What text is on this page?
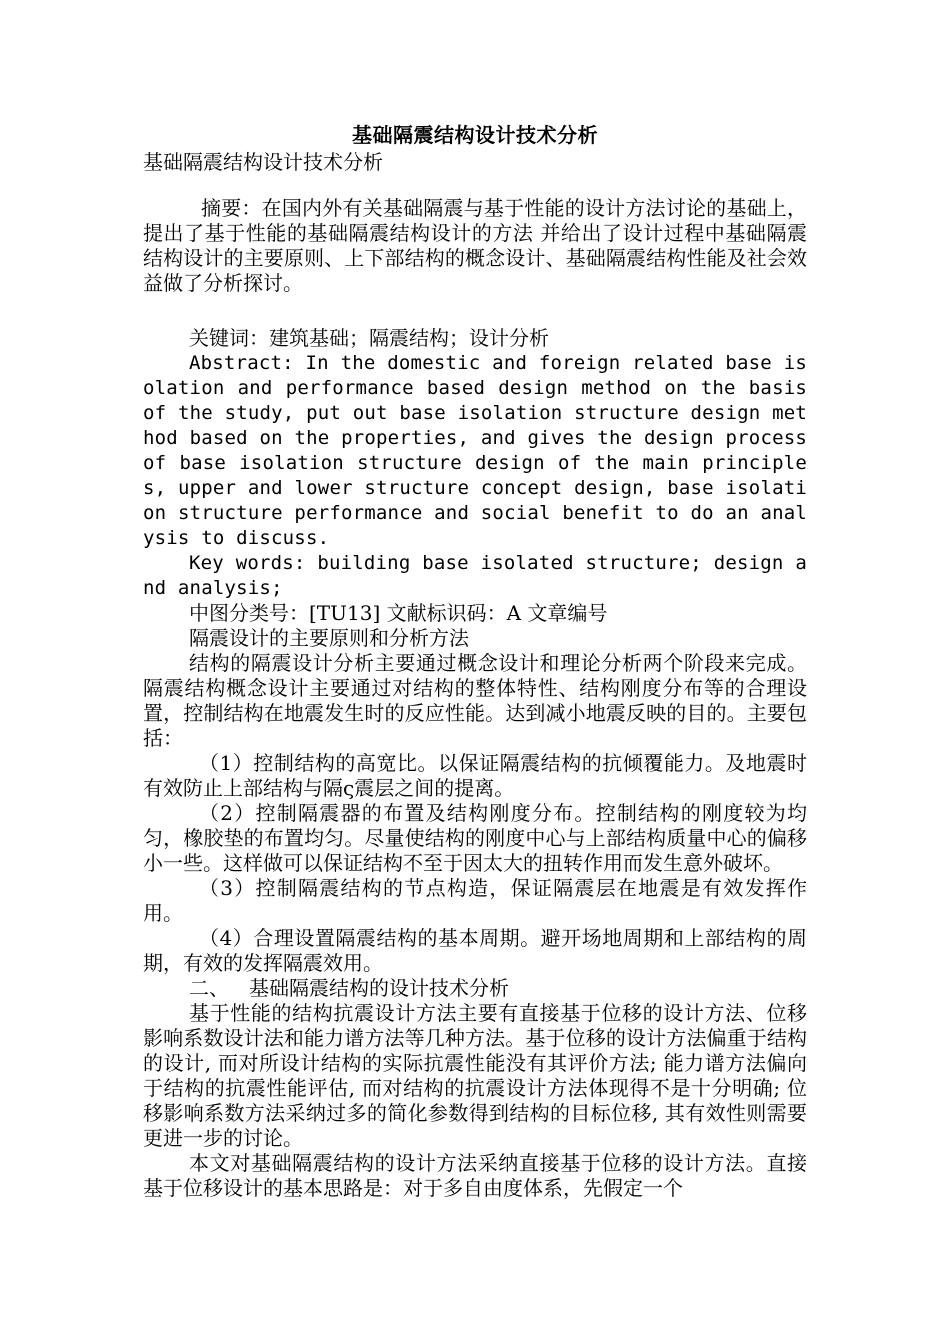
基础隔震结构设计技术分析

基础隔震结构设计技术分析

摘要：在国内外有关基础隔震与基于性能的设计方法讨论的基础上，提出了基于性能的基础隔震结构设计的方法 并给出了设计过程中基础隔震结构设计的主要原则、上下部结构的概念设计、基础隔震结构性能及社会效益做了分析探讨。

关键词：建筑基础；隔震结构；设计分析

Abstract: In the domestic and foreign related base isolation and performance based design method on the basis of the study, put out base isolation structure design method based on the properties, and gives the design process of base isolation structure design of the main principles, upper and lower structure concept design, base isolation structure performance and social benefit to do an analysis to discuss.

Key words: building base isolated structure; design and analysis;

中图分类号：[TU13] 文献标识码：A 文章编号

隔震设计的主要原则和分析方法

结构的隔震设计分析主要通过概念设计和理论分析两个阶段来完成。隔震结构概念设计主要通过对结构的整体特性、结构刚度分布等的合理设置，控制结构在地震发生时的反应性能。达到减小地震反映的目的。主要包括：

（1）控制结构的高宽比。以保证隔震结构的抗倾覆能力。及地震时有效防止上部结构与隔ς震层之间的提离。

（2）控制隔震器的布置及结构刚度分布。控制结构的刚度较为均匀，橡胶垫的布置均匀。尽量使结构的刚度中心与上部结构质量中心的偏移小一些。这样做可以保证结构不至于因太大的扭转作用而发生意外破坏。

（3）控制隔震结构的节点构造，保证隔震层在地震是有效发挥作用。

（4）合理设置隔震结构的基本周期。避开场地周期和上部结构的周期，有效的发挥隔震效用。

二、 基础隔震结构的设计技术分析

基于性能的结构抗震设计方法主要有直接基于位移的设计方法、位移影响系数设计法和能力谱方法等几种方法。基于位移的设计方法偏重于结构的设计, 而对所设计结构的实际抗震性能没有其评价方法; 能力谱方法偏向于结构的抗震性能评估, 而对结构的抗震设计方法体现得不是十分明确; 位移影响系数方法采纳过多的简化参数得到结构的目标位移, 其有效性则需要更进一步的讨论。

本文对基础隔震结构的设计方法采纳直接基于位移的设计方法。直接基于位移设计的基本思路是：对于多自由度体系，先假定一个
